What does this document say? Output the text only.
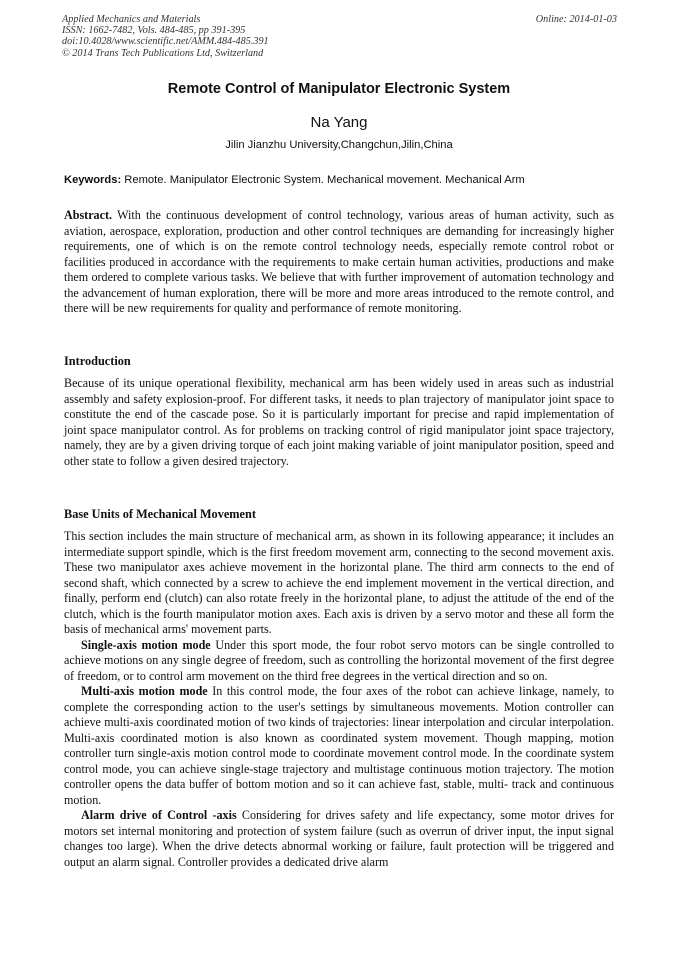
Applied Mechanics and Materials
ISSN: 1662-7482, Vols. 484-485, pp 391-395
doi:10.4028/www.scientific.net/AMM.484-485.391
© 2014 Trans Tech Publications Ltd, Switzerland
Online: 2014-01-03
Remote Control of Manipulator Electronic System
Na Yang
Jilin Jianzhu University,Changchun,Jilin,China
Keywords: Remote. Manipulator Electronic System. Mechanical movement. Mechanical Arm

Abstract. With the continuous development of control technology, various areas of human activity, such as aviation, aerospace, exploration, production and other control techniques are demanding for increasingly higher requirements, one of which is on the remote control technology needs, especially remote control robot or facilities produced in accordance with the requirements to make certain human activities, productions and make them ordered to complete various tasks. We believe that with further improvement of automation technology and the advancement of human exploration, there will be more and more areas introduced to the remote control, and there will be new requirements for quality and performance of remote monitoring.

Introduction

Because of its unique operational flexibility, mechanical arm has been widely used in areas such as industrial assembly and safety explosion-proof. For different tasks, it needs to plan trajectory of manipulator joint space to constitute the end of the cascade pose. So it is particularly important for precise and rapid implementation of joint space manipulator control. As for problems on tracking control of rigid manipulator joint space trajectory, namely, they are by a given driving torque of each joint making variable of joint manipulator position, speed and other state to follow a given desired trajectory.

Base Units of Mechanical Movement

This section includes the main structure of mechanical arm, as shown in its following appearance; it includes an intermediate support spindle, which is the first freedom movement arm, connecting to the second movement axis. These two manipulator axes achieve movement in the horizontal plane. The third arm connects to the end of second shaft, which connected by a screw to achieve the end implement movement in the vertical direction, and finally, perform end (clutch) can also rotate freely in the horizontal plane, to adjust the attitude of the end of the clutch, which is the fourth manipulator motion axes. Each axis is driven by a servo motor and these all form the basis of mechanical arms' movement parts.

Single-axis motion mode Under this sport mode, the four robot servo motors can be single controlled to achieve motions on any single degree of freedom, such as controlling the horizontal movement of the first degree of freedom, or to control arm movement on the third free degrees in the vertical direction and so on.

Multi-axis motion mode In this control mode, the four axes of the robot can achieve linkage, namely, to complete the corresponding action to the user's settings by simultaneous movements. Motion controller can achieve multi-axis coordinated motion of two kinds of trajectories: linear interpolation and circular interpolation. Multi-axis coordinated motion is also known as coordinated system movement. Though mapping, motion controller turn single-axis motion control mode to coordinate movement control mode. In the coordinate system control mode, you can achieve single-stage trajectory and multistage continuous motion trajectory. The motion controller opens the data buffer of bottom motion and so it can achieve fast, stable, multi- track and continuous motion.

Alarm drive of Control -axis Considering for drives safety and life expectancy, some motor drives for motors set internal monitoring and protection of system failure (such as overrun of driver input, the input signal changes too large). When the drive detects abnormal working or failure, fault protection will be triggered and output an alarm signal. Controller provides a dedicated drive alarm
